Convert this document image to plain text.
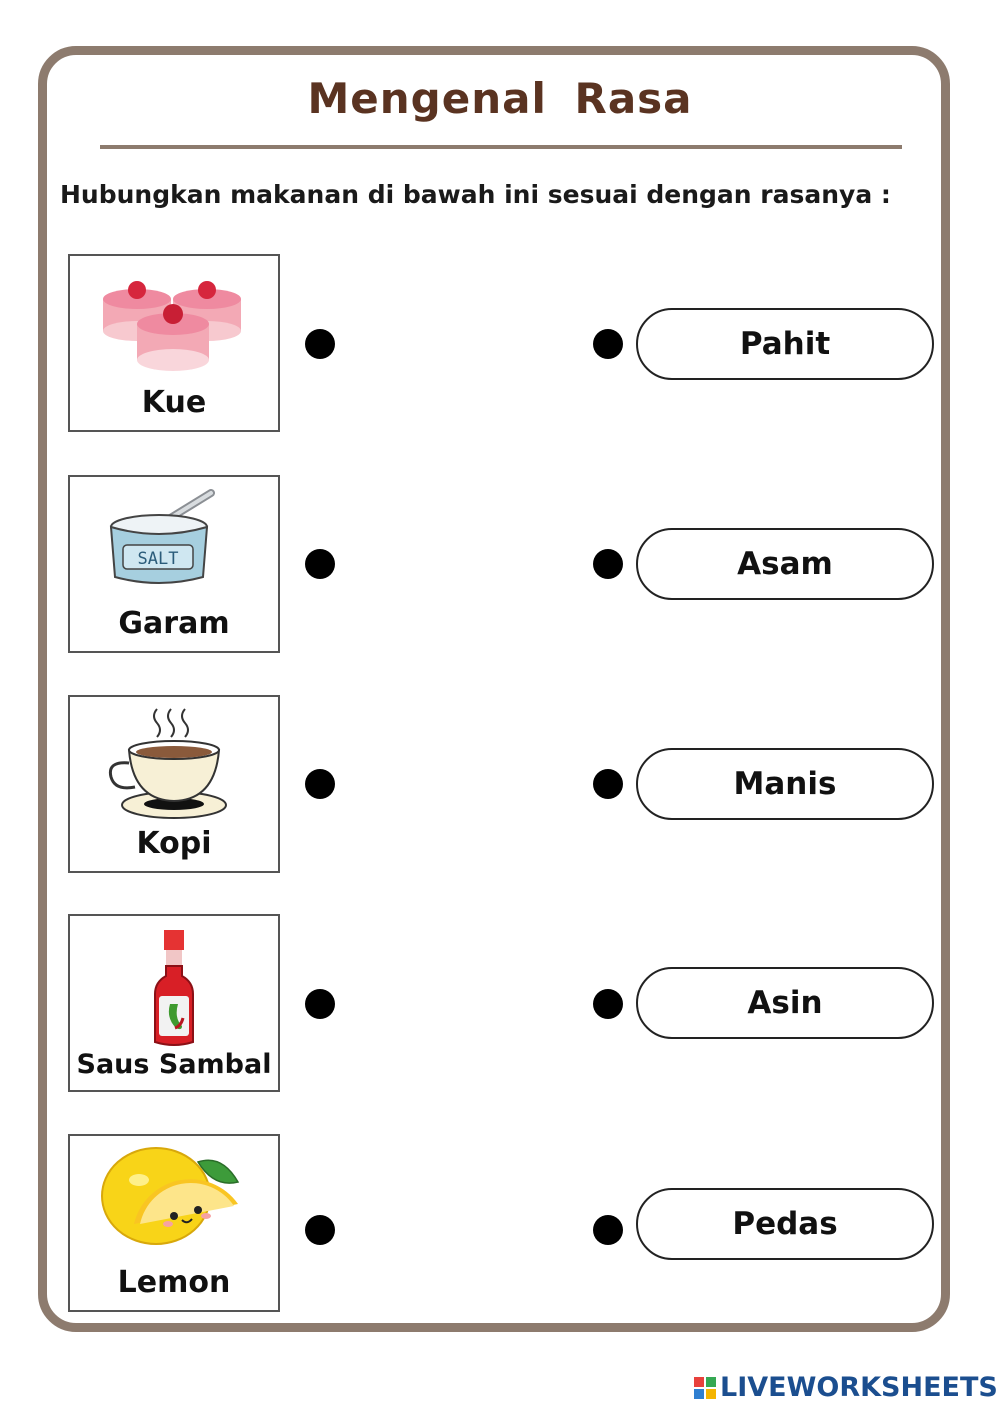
Mengenal Rasa
Hubungkan makanan di bawah ini sesuai dengan rasanya :
Kue
SALT
Garam
Kopi
Saus Sambal
Lemon
Pahit
Asam
Manis
Asin
Pedas
LIVEWORKSHEETS
